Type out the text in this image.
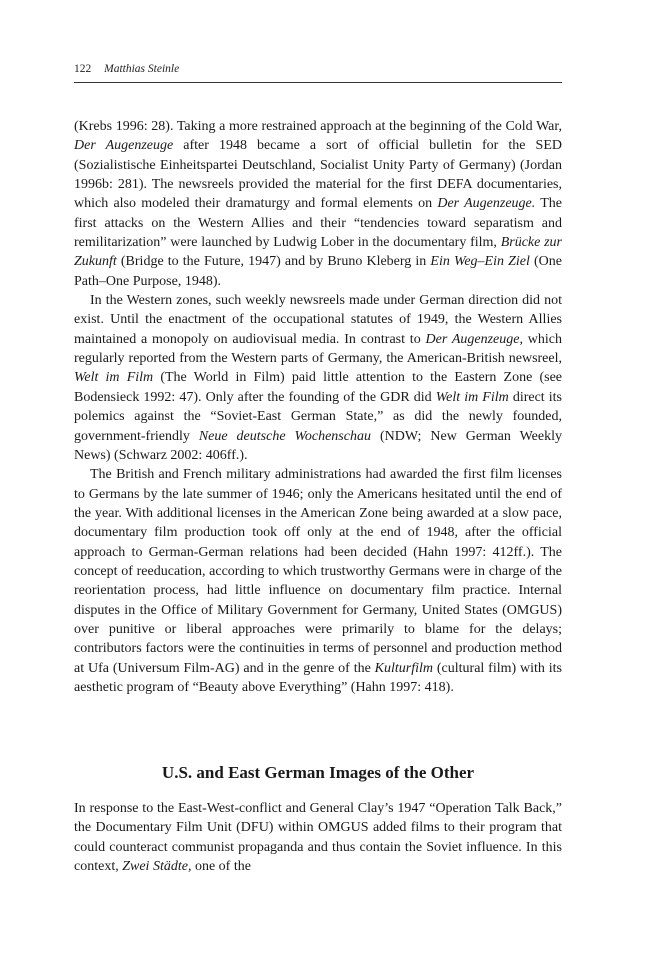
122 Matthias Steinle

(Krebs 1996: 28). Taking a more restrained approach at the beginning of the Cold War, Der Augenzeuge after 1948 became a sort of official bulletin for the SED (Sozialistische Einheitspartei Deutschland, Socialist Unity Party of Germany) (Jordan 1996b: 281). The newsreels provided the material for the first DEFA documentaries, which also modeled their dramaturgy and formal elements on Der Augenzeuge. The first attacks on the Western Allies and their “tendencies toward separatism and remilitarization” were launched by Ludwig Lober in the documentary film, Brücke zur Zukunft (Bridge to the Future, 1947) and by Bruno Kleberg in Ein Weg–Ein Ziel (One Path–One Purpose, 1948).

In the Western zones, such weekly newsreels made under German direction did not exist. Until the enactment of the occupational statutes of 1949, the Western Allies maintained a monopoly on audiovisual media. In contrast to Der Augenzeuge, which regularly reported from the Western parts of Germany, the American-British newsreel, Welt im Film (The World in Film) paid little attention to the Eastern Zone (see Bodensieck 1992: 47). Only after the founding of the GDR did Welt im Film direct its polemics against the “Soviet-East German State,” as did the newly founded, government-friendly Neue deutsche Wochenschau (NDW; New German Weekly News) (Schwarz 2002: 406ff.).

The British and French military administrations had awarded the first film licenses to Germans by the late summer of 1946; only the Americans hesitated until the end of the year. With additional licenses in the American Zone being awarded at a slow pace, documentary film production took off only at the end of 1948, after the official approach to German-German relations had been decided (Hahn 1997: 412ff.). The concept of reeducation, according to which trustworthy Germans were in charge of the reorientation process, had little influence on documentary film practice. Internal disputes in the Office of Military Government for Germany, United States (OMGUS) over punitive or liberal approaches were primarily to blame for the delays; contributors factors were the continuities in terms of personnel and production method at Ufa (Universum Film-AG) and in the genre of the Kulturfilm (cultural film) with its aesthetic program of “Beauty above Everything” (Hahn 1997: 418).

U.S. and East German Images of the Other

In response to the East-West-conflict and General Clay’s 1947 “Operation Talk Back,” the Documentary Film Unit (DFU) within OMGUS added films to their program that could counteract communist propaganda and thus contain the Soviet influence. In this context, Zwei Städte, one of the
